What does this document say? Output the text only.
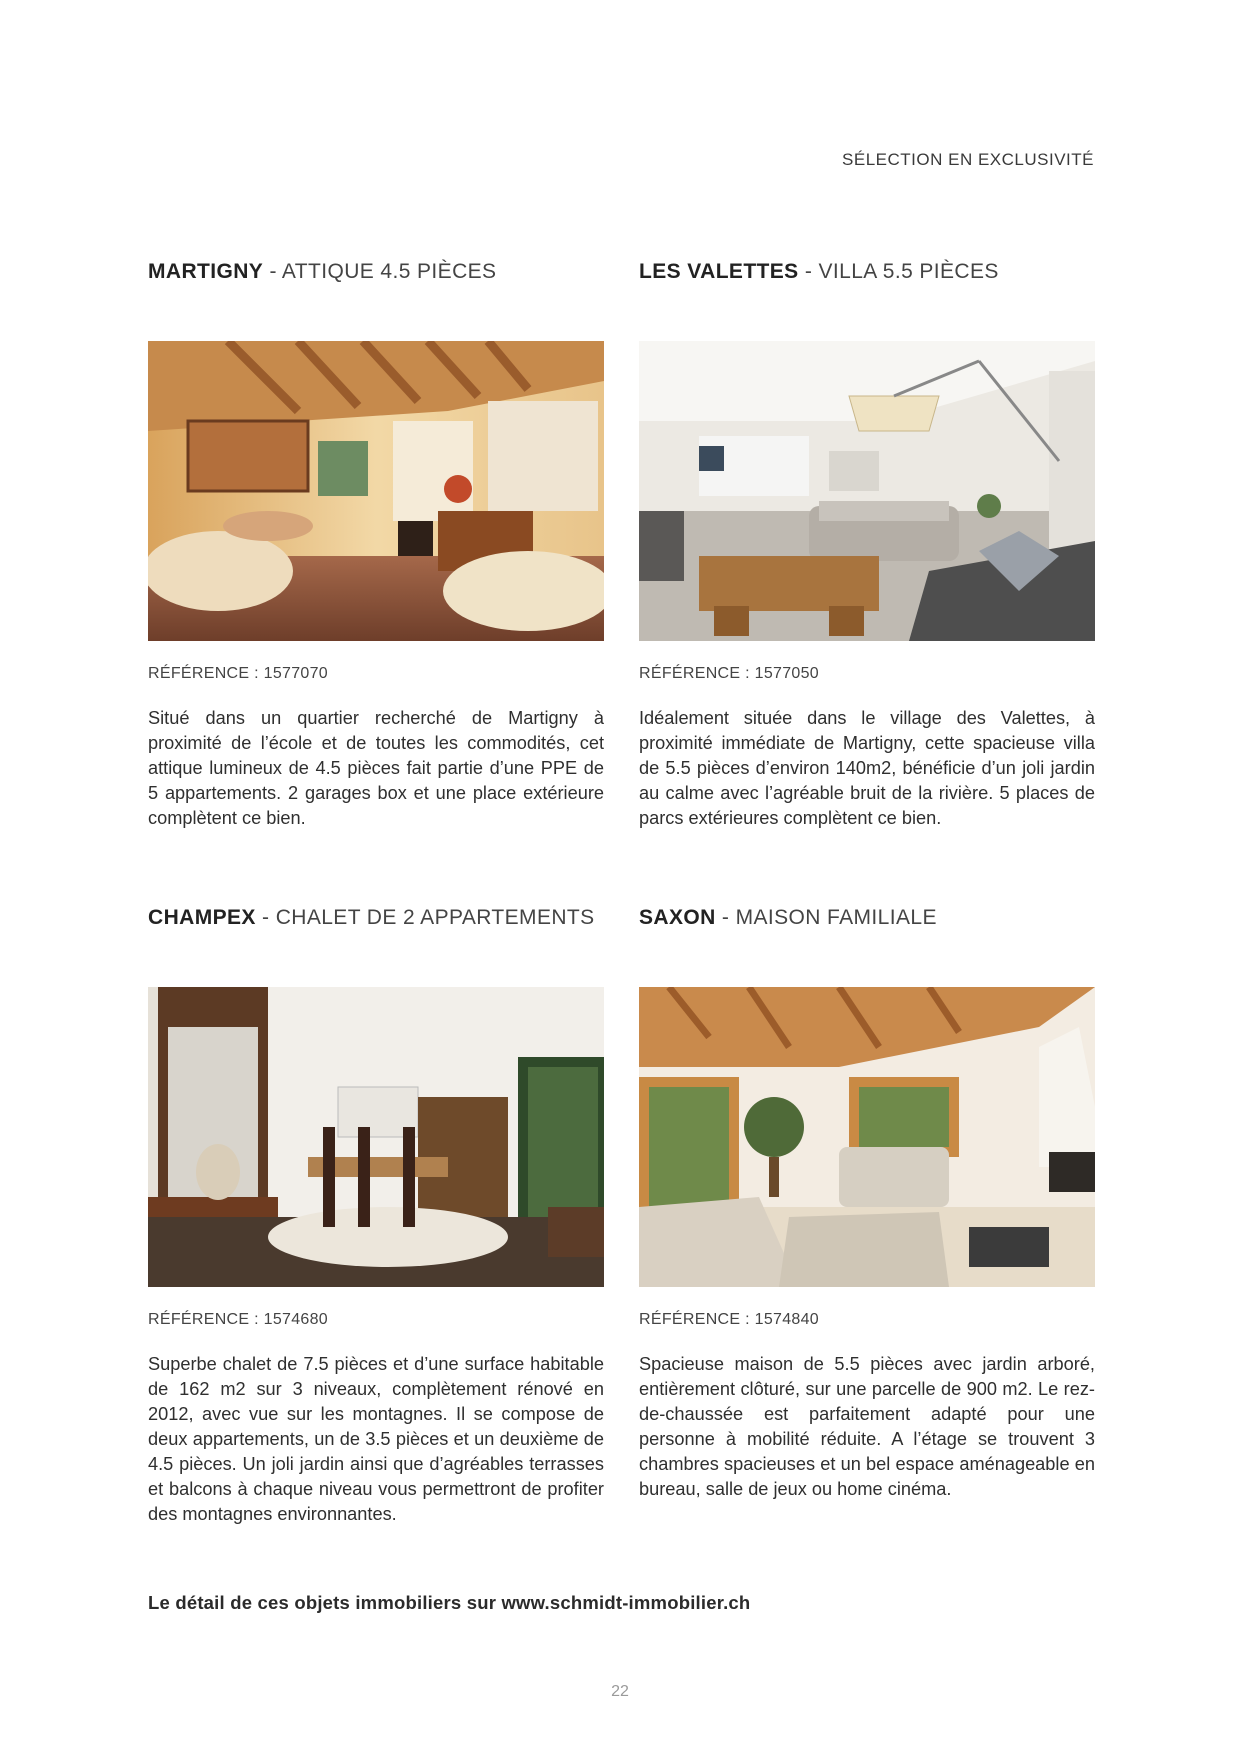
SÉLECTION EN EXCLUSIVITÉ
MARTIGNY - ATTIQUE 4.5 PIÈCES
RÉFÉRENCE : 1577070
Situé dans un quartier recherché de Martigny à proximité de l’école et de toutes les commodités, cet attique lumineux de 4.5 pièces fait partie d’une PPE de 5 appartements. 2 garages box et une place extérieure complètent ce bien.
LES VALETTES - VILLA 5.5 PIÈCES
RÉFÉRENCE : 1577050
Idéalement située dans le village des Valettes, à proximité immédiate de Martigny, cette spacieuse villa de 5.5 pièces d’environ 140m2, bénéficie d’un joli jardin au calme avec l’agréable bruit de la rivière. 5 places de parcs extérieures complètent ce bien.
CHAMPEX - CHALET DE 2 APPARTEMENTS
RÉFÉRENCE : 1574680
Superbe chalet de 7.5 pièces et d’une surface habitable de 162 m2 sur 3 niveaux, complètement rénové en 2012, avec vue sur les montagnes. Il se compose de deux appartements, un de 3.5 pièces et un deuxième de 4.5 pièces. Un joli jardin ainsi que d’agréables terrasses et balcons à chaque niveau vous permettront de profiter des montagnes environnantes.
SAXON - MAISON FAMILIALE
RÉFÉRENCE : 1574840
Spacieuse maison de 5.5 pièces avec jardin arboré, entièrement clôturé, sur une parcelle de 900 m2. Le rez-de-chaussée est parfaitement adapté pour une personne à mobilité réduite. A l’étage se trouvent 3 chambres spacieuses et un bel espace aménageable en bureau, salle de jeux ou home cinéma.
Le détail de ces objets immobiliers sur www.schmidt-immobilier.ch
22
